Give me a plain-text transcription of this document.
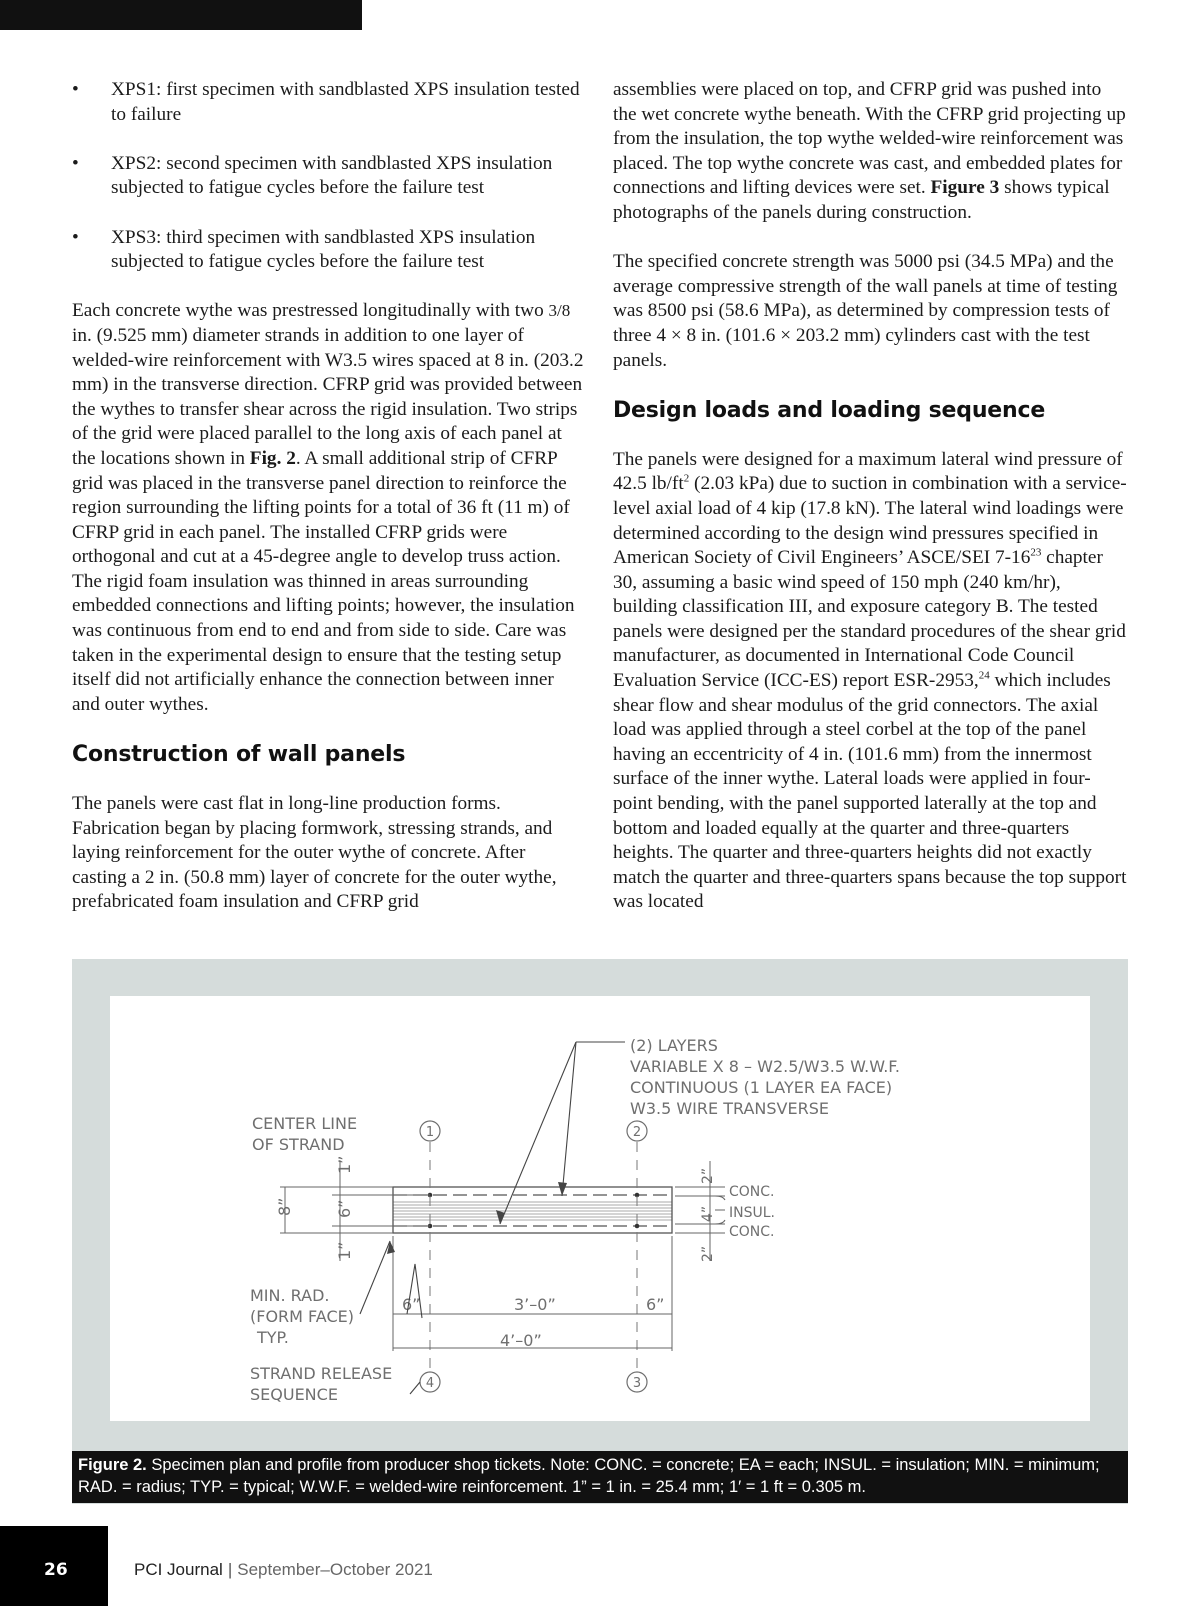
• XPS1: first specimen with sandblasted XPS insulation tested to failure
• XPS2: second specimen with sandblasted XPS insulation subjected to fatigue cycles before the failure test
• XPS3: third specimen with sandblasted XPS insulation subjected to fatigue cycles before the failure test

Each concrete wythe was prestressed longitudinally with two 3/8 in. (9.525 mm) diameter strands in addition to one layer of welded-wire reinforcement with W3.5 wires spaced at 8 in. (203.2 mm) in the transverse direction. CFRP grid was provided between the wythes to transfer shear across the rigid insulation. Two strips of the grid were placed parallel to the long axis of each panel at the locations shown in Fig. 2. A small additional strip of CFRP grid was placed in the transverse panel direction to reinforce the region surrounding the lifting points for a total of 36 ft (11 m) of CFRP grid in each panel. The installed CFRP grids were orthogonal and cut at a 45-degree angle to develop truss action. The rigid foam insulation was thinned in areas surrounding embedded connections and lifting points; however, the insulation was continuous from end to end and from side to side. Care was taken in the experimental design to ensure that the testing setup itself did not artificially enhance the connection between inner and outer wythes.

Construction of wall panels

The panels were cast flat in long-line production forms. Fabrication began by placing formwork, stressing strands, and laying reinforcement for the outer wythe of concrete. After casting a 2 in. (50.8 mm) layer of concrete for the outer wythe, prefabricated foam insulation and CFRP grid

assemblies were placed on top, and CFRP grid was pushed into the wet concrete wythe beneath. With the CFRP grid projecting up from the insulation, the top wythe welded-wire reinforcement was placed. The top wythe concrete was cast, and embedded plates for connections and lifting devices were set. Figure 3 shows typical photographs of the panels during construction.

The specified concrete strength was 5000 psi (34.5 MPa) and the average compressive strength of the wall panels at time of testing was 8500 psi (58.6 MPa), as determined by compression tests of three 4 × 8 in. (101.6 × 203.2 mm) cylinders cast with the test panels.

Design loads and loading sequence

The panels were designed for a maximum lateral wind pressure of 42.5 $lb/ft^2$ (2.03 kPa) due to suction in combination with a service-level axial load of 4 kip (17.8 kN). The lateral wind loadings were determined according to the design wind pressures specified in American Society of Civil Engineers’ ASCE/SEI $7-16^{23}$ chapter 30, assuming a basic wind speed of 150 mph (240 km/hr), building classification III, and exposure category B. The tested panels were designed per the standard procedures of the shear grid manufacturer, as documented in International Code Council Evaluation Service (ICC-ES) report ESR-2953,24 which includes shear flow and shear modulus of the grid connectors. The axial load was applied through a steel corbel at the top of the panel having an eccentricity of 4 in. (101.6 mm) from the innermost surface of the inner wythe. Lateral loads were applied in four-point bending, with the panel supported laterally at the top and bottom and loaded equally at the quarter and three-quarters heights. The quarter and three-quarters heights did not exactly match the quarter and three-quarters spans because the top support was located

(2) LAYERS
VARIABLE X 8 – W2.5/W3.5 W.W.F.
CONTINUOUS (1 LAYER EA FACE)
W3.5 WIRE TRANSVERSE
CENTER LINE
OF STRAND
MIN. RAD.
(FORM FACE)
TYP.
STRAND RELEASE
SEQUENCE
CONC.
INSUL.
CONC.
6”	3’–0”	6”
4’–0”
8”	6”
1”
1”
2”
4”
2”
1	2
3
4
Figure 2. Specimen plan and profile from producer shop tickets. Note: CONC. = concrete; EA = each; INSUL. = insulation; MIN. = minimum; RAD. = radius; TYP. = typical; W.W.F. = welded-wire reinforcement. 1” = 1 in. = 25.4 mm; 1′ = 1 ft = 0.305 m.
26	PCI Journal | September–October 2021
